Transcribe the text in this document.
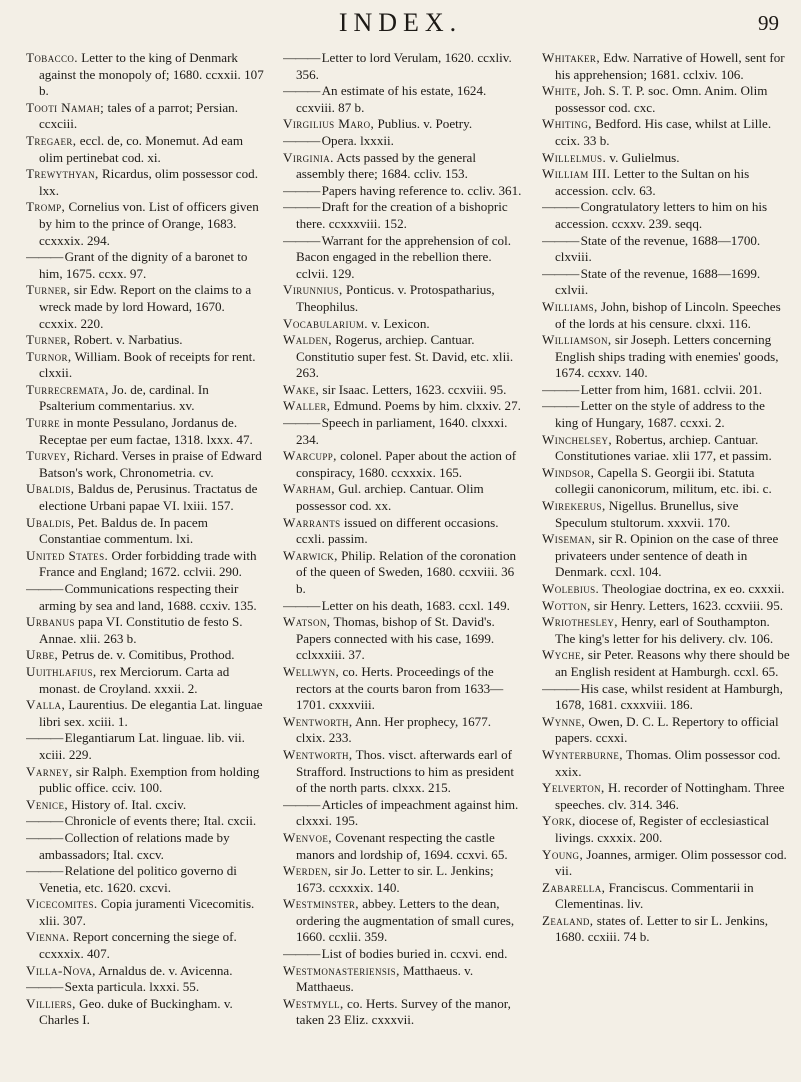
INDEX.	99

Tobacco. Letter to the king of Denmark against the monopoly of; 1680. ccxxii. 107 b.

Tooti Namah; tales of a parrot; Persian. ccxciii.

Tregaer, eccl. de, co. Monemut. Ad eam olim pertinebat cod. xi.

Trewythyan, Ricardus, olim possessor cod. lxx.

Tromp, Cornelius von. List of officers given by him to the prince of Orange, 1683. ccxxxix. 294.

——— Grant of the dignity of a baronet to him, 1675. ccxx. 97.

Turner, sir Edw. Report on the claims to a wreck made by lord Howard, 1670. ccxxix. 220.

Turner, Robert. v. Narbatius.

Turnor, William. Book of receipts for rent. clxxii.

Turrecremata, Jo. de, cardinal. In Psalterium commentarius. xv.

Turre in monte Pessulano, Jordanus de. Receptae per eum factae, 1318. lxxx. 47.

Turvey, Richard. Verses in praise of Edward Batson's work, Chronometria. cv.

Ubaldis, Baldus de, Perusinus. Tractatus de electione Urbani papae VI. lxiii. 157.

Ubaldis, Pet. Baldus de. In pacem Constantiae commentum. lxi.

United States. Order forbidding trade with France and England; 1672. cclvii. 290.

——— Communications respecting their arming by sea and land, 1688. ccxiv. 135.

Urbanus papa VI. Constitutio de festo S. Annae. xlii. 263 b.

Urbe, Petrus de. v. Comitibus, Prothod.

Uuithlafius, rex Merciorum. Carta ad monast. de Croyland. xxxii. 2.

Valla, Laurentius. De elegantia Lat. linguae libri sex. xciii. 1.

——— Elegantiarum Lat. linguae. lib. vii. xciii. 229.

Varney, sir Ralph. Exemption from holding public office. cciv. 100.

Venice, History of. Ital. cxciv.

——— Chronicle of events there; Ital. cxcii.

——— Collection of relations made by ambassadors; Ital. cxcv.

——— Relatione del politico governo di Venetia, etc. 1620. cxcvi.

Vicecomites. Copia juramenti Vicecomitis. xlii. 307.

Vienna. Report concerning the siege of. ccxxxix. 407.

Villa-Nova, Arnaldus de. v. Avicenna.

——— Sexta particula. lxxxi. 55.

Villiers, Geo. duke of Buckingham. v. Charles I.

——— Letter to lord Verulam, 1620. ccxliv. 356.

——— An estimate of his estate, 1624. ccxviii. 87 b.

Virgilius Maro, Publius. v. Poetry.

——— Opera. lxxxii.

Virginia. Acts passed by the general assembly there; 1684. ccliv. 153.

——— Papers having reference to. ccliv. 361.

——— Draft for the creation of a bishopric there. ccxxxviii. 152.

——— Warrant for the apprehension of col. Bacon engaged in the rebellion there. cclvii. 129.

Virunnius, Ponticus. v. Protospatharius, Theophilus.

Vocabularium. v. Lexicon.

Walden, Rogerus, archiep. Cantuar. Constitutio super fest. St. David, etc. xlii. 263.

Wake, sir Isaac. Letters, 1623. ccxviii. 95.

Waller, Edmund. Poems by him. clxxiv. 27.

——— Speech in parliament, 1640. clxxxi. 234.

Warcupp, colonel. Paper about the action of conspiracy, 1680. ccxxxix. 165.

Warham, Gul. archiep. Cantuar. Olim possessor cod. xx.

Warrants issued on different occasions. ccxli. passim.

Warwick, Philip. Relation of the coronation of the queen of Sweden, 1680. ccxviii. 36 b.

——— Letter on his death, 1683. ccxl. 149.

Watson, Thomas, bishop of St. David's. Papers connected with his case, 1699. cclxxxiii. 37.

Wellwyn, co. Herts. Proceedings of the rectors at the courts baron from 1633—1701. cxxxviii.

Wentworth, Ann. Her prophecy, 1677. clxix. 233.

Wentworth, Thos. visct. afterwards earl of Strafford. Instructions to him as president of the north parts. clxxx. 215.

——— Articles of impeachment against him. clxxxi. 195.

Wenvoe, Covenant respecting the castle manors and lordship of, 1694. ccxvi. 65.

Werden, sir Jo. Letter to sir. L. Jenkins; 1673. ccxxxix. 140.

Westminster, abbey. Letters to the dean, ordering the augmentation of small cures, 1660. ccxlii. 359.

——— List of bodies buried in. ccxvi. end.

Westmonasteriensis, Matthaeus. v. Matthaeus.

Westmyll, co. Herts. Survey of the manor, taken 23 Eliz. cxxxvii.

Whitaker, Edw. Narrative of Howell, sent for his apprehension; 1681. cclxiv. 106.

White, Joh. S. T. P. soc. Omn. Anim. Olim possessor cod. cxc.

Whiting, Bedford. His case, whilst at Lille. ccix. 33 b.

Willelmus. v. Gulielmus.

William III. Letter to the Sultan on his accession. cclv. 63.

——— Congratulatory letters to him on his accession. ccxxv. 239. seqq.

——— State of the revenue, 1688—1700. clxviii.

——— State of the revenue, 1688—1699. cxlvii.

Williams, John, bishop of Lincoln. Speeches of the lords at his censure. clxxi. 116.

Williamson, sir Joseph. Letters concerning English ships trading with enemies' goods, 1674. ccxxv. 140.

——— Letter from him, 1681. cclvii. 201.

——— Letter on the style of address to the king of Hungary, 1687. ccxxi. 2.

Winchelsey, Robertus, archiep. Cantuar. Constitutiones variae. xlii 177, et passim.

Windsor, Capella S. Georgii ibi. Statuta collegii canonicorum, militum, etc. ibi. c.

Wirekerus, Nigellus. Brunellus, sive Speculum stultorum. xxxvii. 170.

Wiseman, sir R. Opinion on the case of three privateers under sentence of death in Denmark. ccxl. 104.

Wolebius. Theologiae doctrina, ex eo. cxxxii.

Wotton, sir Henry. Letters, 1623. ccxviii. 95.

Wriothesley, Henry, earl of Southampton. The king's letter for his delivery. clv. 106.

Wyche, sir Peter. Reasons why there should be an English resident at Hamburgh. ccxl. 65.

——— His case, whilst resident at Hamburgh, 1678, 1681. cxxxviii. 186.

Wynne, Owen, D. C. L. Repertory to official papers. ccxxi.

Wynterburne, Thomas. Olim possessor cod. xxix.

Yelverton, H. recorder of Nottingham. Three speeches. clv. 314. 346.

York, diocese of, Register of ecclesiastical livings. cxxxix. 200.

Young, Joannes, armiger. Olim possessor cod. vii.

Zabarella, Franciscus. Commentarii in Clementinas. liv.

Zealand, states of. Letter to sir L. Jenkins, 1680. ccxiii. 74 b.
